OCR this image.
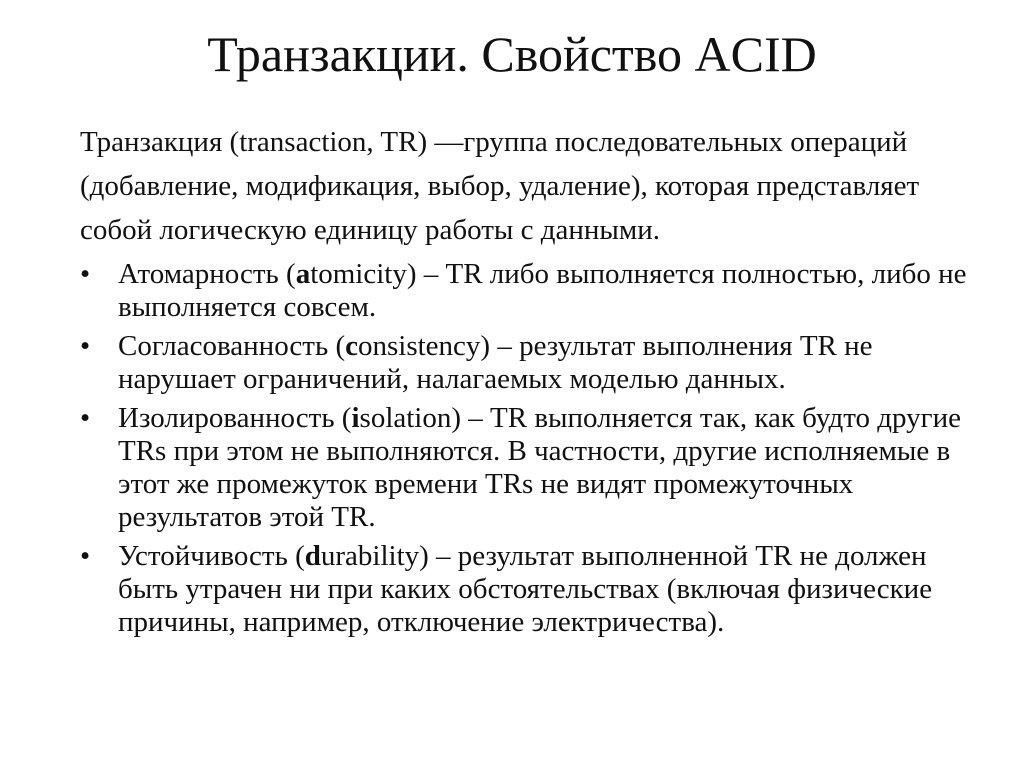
Транзакции. Свойство ACID

Транзакция (transaction, TR) —группа последовательных операций (добавление, модификация, выбор, удаление), которая представляет собой логическую единицу работы с данными.

• Атомарность (atomicity) – TR либо выполняется полностью, либо не выполняется совсем.
• Согласованность (consistency) – результат выполнения TR не нарушает ограничений, налагаемых моделью данных.
• Изолированность (isolation) – TR выполняется так, как будто другие TRs при этом не выполняются. В частности, другие исполняемые в этот же промежуток времени TRs не видят промежуточных результатов этой TR.
• Устойчивость (durability) – результат выполненной TR не должен быть утрачен ни при каких обстоятельствах (включая физические причины, например, отключение электричества).
